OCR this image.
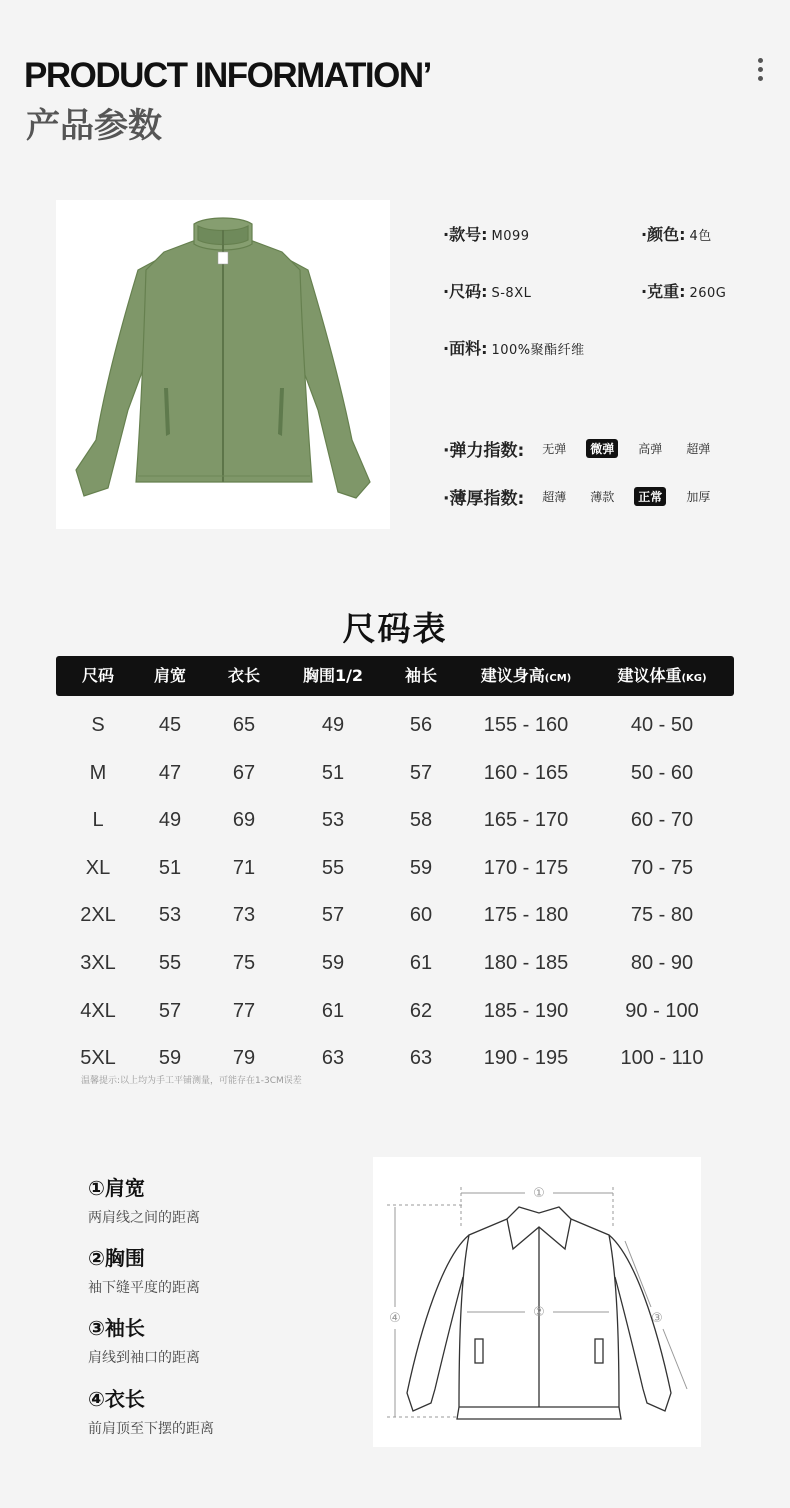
PRODUCT INFORMATION’
产品参数
·款号: M099	·颜色: 4色
·尺码: S-8XL	·克重: 260G
·面料: 100%聚酯纤维
·弹力指数:	无弹	微弹	高弹	超弹
·薄厚指数:	超薄	薄款	正常	加厚
尺码表
尺码 肩宽	衣长	胸围1/2	袖长	建议身高(CM)	建议体重(KG)
S	45	65	49	56	155 - 160	40 - 50
M	47	67	51	57	160 - 165	50 - 60
L	49	69	53	58	165 - 170	60 - 70
XL 51	71	55	59	170 - 175	70 - 75
2XL 53	73	57	60	175 - 180	75 - 80
3XL 55	75	59	61	180 - 185	80 - 90
4XL 57	77	61	62	185 - 190	90 - 100
5XL 59	79	63	63	190 - 195	100 - 110
温馨提示:以上均为手工平铺测量，可能存在1-3CM误差
①肩宽
两肩线之间的距离
②胸围
袖下缝平度的距离
③袖长
肩线到袖口的距离
④衣长
前肩顶至下摆的距离
①
②	③
④
